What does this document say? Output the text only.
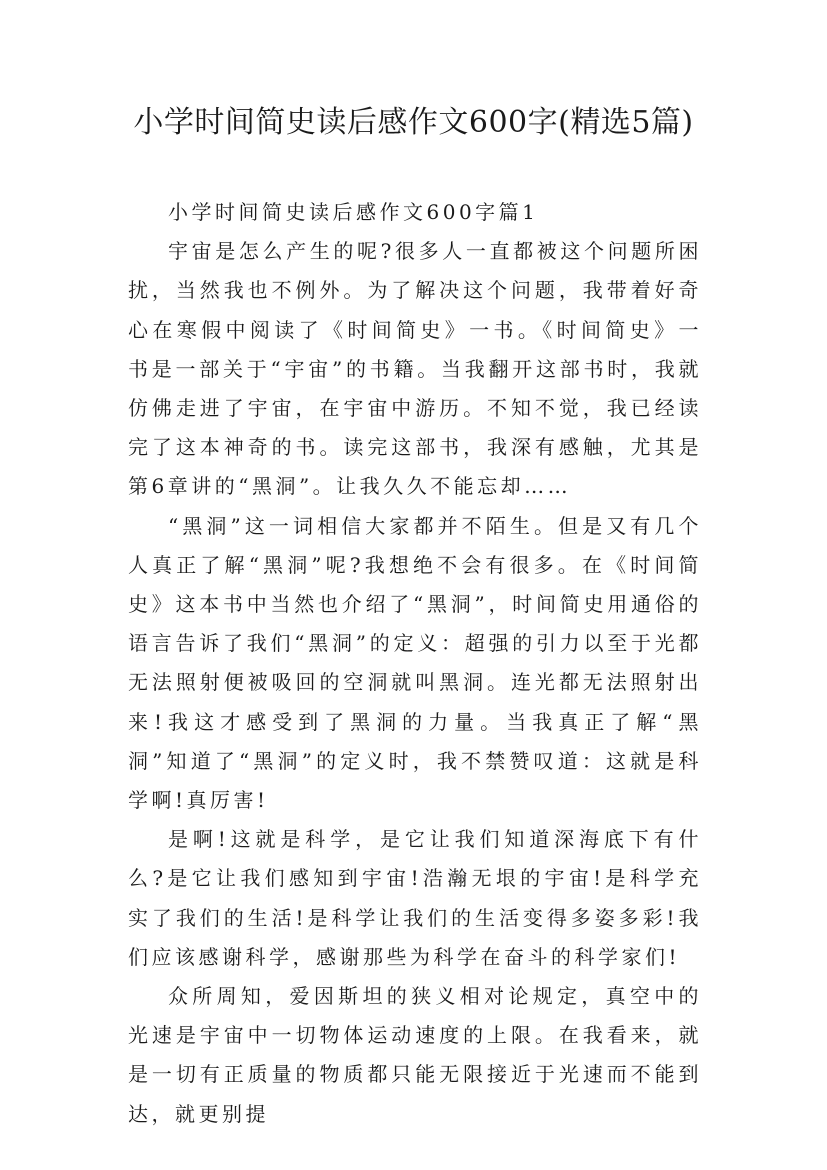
小学时间简史读后感作文600字(精选5篇)

小学时间简史读后感作文600字篇1

宇宙是怎么产生的呢?很多人一直都被这个问题所困扰，当然我也不例外。为了解决这个问题，我带着好奇心在寒假中阅读了《时间简史》一书。《时间简史》一书是一部关于“宇宙”的书籍。当我翻开这部书时，我就仿佛走进了宇宙，在宇宙中游历。不知不觉，我已经读完了这本神奇的书。读完这部书，我深有感触，尤其是第6章讲的“黑洞”。让我久久不能忘却……

“黑洞”这一词相信大家都并不陌生。但是又有几个人真正了解“黑洞”呢?我想绝不会有很多。在《时间简史》这本书中当然也介绍了“黑洞”，时间简史用通俗的语言告诉了我们“黑洞”的定义：超强的引力以至于光都无法照射便被吸回的空洞就叫黑洞。连光都无法照射出来!我这才感受到了黑洞的力量。当我真正了解“黑洞”知道了“黑洞”的定义时，我不禁赞叹道：这就是科学啊!真厉害!

是啊!这就是科学，是它让我们知道深海底下有什么?是它让我们感知到宇宙!浩瀚无垠的宇宙!是科学充实了我们的生活!是科学让我们的生活变得多姿多彩!我们应该感谢科学，感谢那些为科学在奋斗的科学家们!

众所周知，爱因斯坦的狭义相对论规定，真空中的光速是宇宙中一切物体运动速度的上限。在我看来，就是一切有正质量的物质都只能无限接近于光速而不能到达，就更别提
